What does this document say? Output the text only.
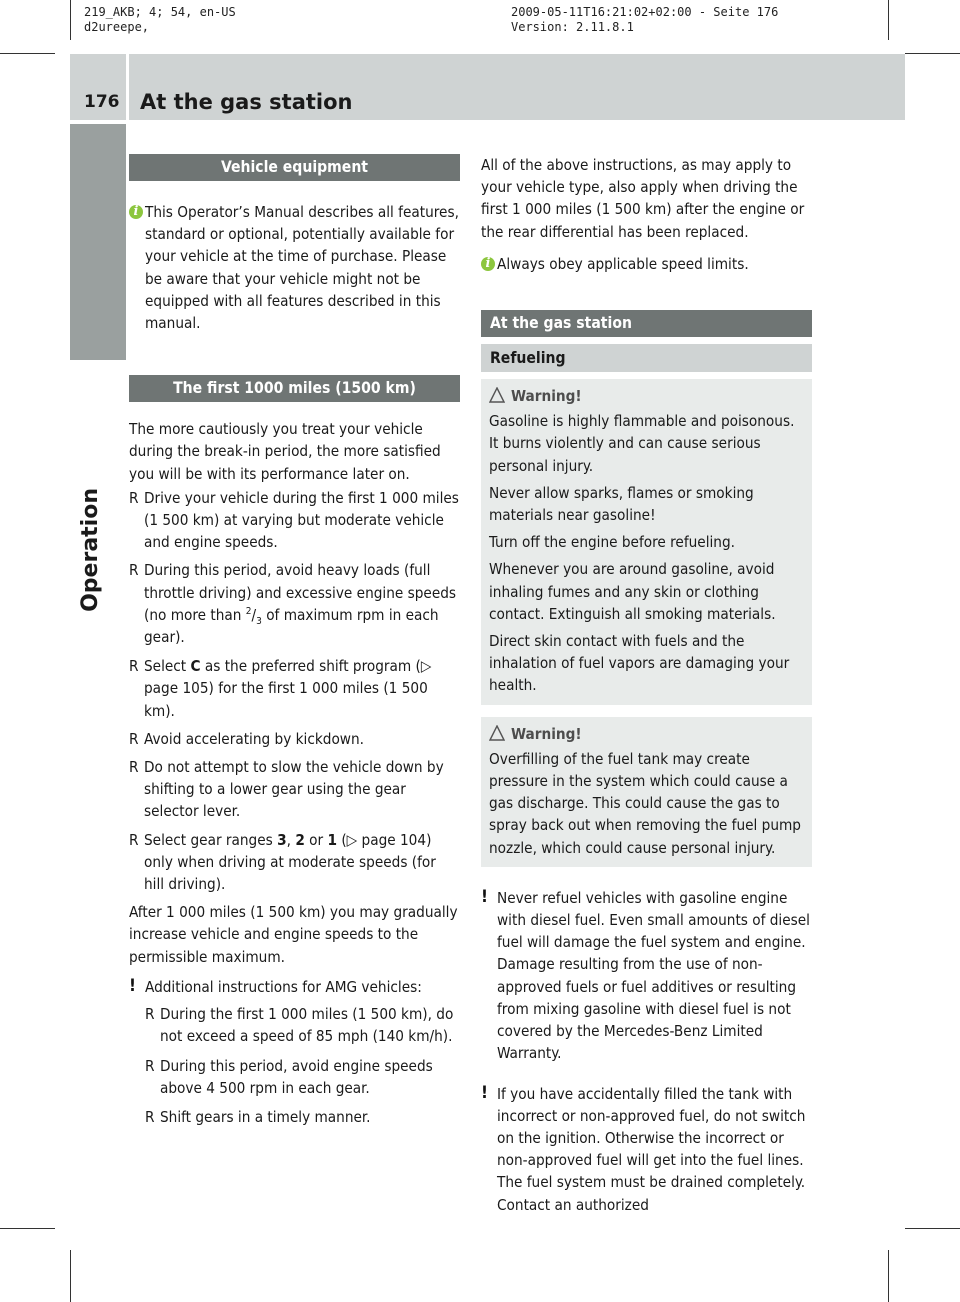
219_AKB; 4; 54, en-US
d2ureepe,
2009-05-11T16:21:02+02:00 - Seite 176
Version: 2.11.8.1
176 At the gas station
Operation
Vehicle equipment
i This Operator’s Manual describes all features, standard or optional, potentially available for your vehicle at the time of purchase. Please be aware that your vehicle might not be equipped with all features described in this manual.
The first 1000 miles (1500 km)

The more cautiously you treat your vehicle during the break-in period, the more satisfied you will be with its performance later on.

R Drive your vehicle during the first 1 000 miles (1 500 km) at varying but moderate vehicle and engine speeds.
R During this period, avoid heavy loads (full throttle driving) and excessive engine speeds (no more than $^2/_3$ of maximum rpm in each gear).
R Select C as the preferred shift program (▷ page 105) for the first 1 000 miles (1 500 km).
R Avoid accelerating by kickdown.
R Do not attempt to slow the vehicle down by shifting to a lower gear using the gear selector lever.
R Select gear ranges 3, 2 or 1 (▷ page 104) only when driving at moderate speeds (for hill driving).

After 1 000 miles (1 500 km) you may gradually increase vehicle and engine speeds to the permissible maximum.

! Additional instructions for AMG vehicles:
R During the first 1 000 miles (1 500 km), do not exceed a speed of 85 mph (140 km/h).
R During this period, avoid engine speeds above 4 500 rpm in each gear.
R Shift gears in a timely manner.

All of the above instructions, as may apply to your vehicle type, also apply when driving the first 1 000 miles (1 500 km) after the engine or the rear differential has been replaced.

i Always obey applicable speed limits.
At the gas station
Refueling
Warning!

Gasoline is highly flammable and poisonous. It burns violently and can cause serious personal injury.

Never allow sparks, flames or smoking materials near gasoline!

Turn off the engine before refueling.

Whenever you are around gasoline, avoid inhaling fumes and any skin or clothing contact. Extinguish all smoking materials.

Direct skin contact with fuels and the inhalation of fuel vapors are damaging your health.

Warning!

Overfilling of the fuel tank may create pressure in the system which could cause a gas discharge. This could cause the gas to spray back out when removing the fuel pump nozzle, which could cause personal injury.

! Never refuel vehicles with gasoline engine with diesel fuel. Even small amounts of diesel fuel will damage the fuel system and engine. Damage resulting from the use of non-approved fuels or fuel additives or resulting from mixing gasoline with diesel fuel is not covered by the Mercedes-Benz Limited Warranty.
! If you have accidentally filled the tank with incorrect or non-approved fuel, do not switch on the ignition. Otherwise the incorrect or non-approved fuel will get into the fuel lines. The fuel system must be drained completely. Contact an authorized
